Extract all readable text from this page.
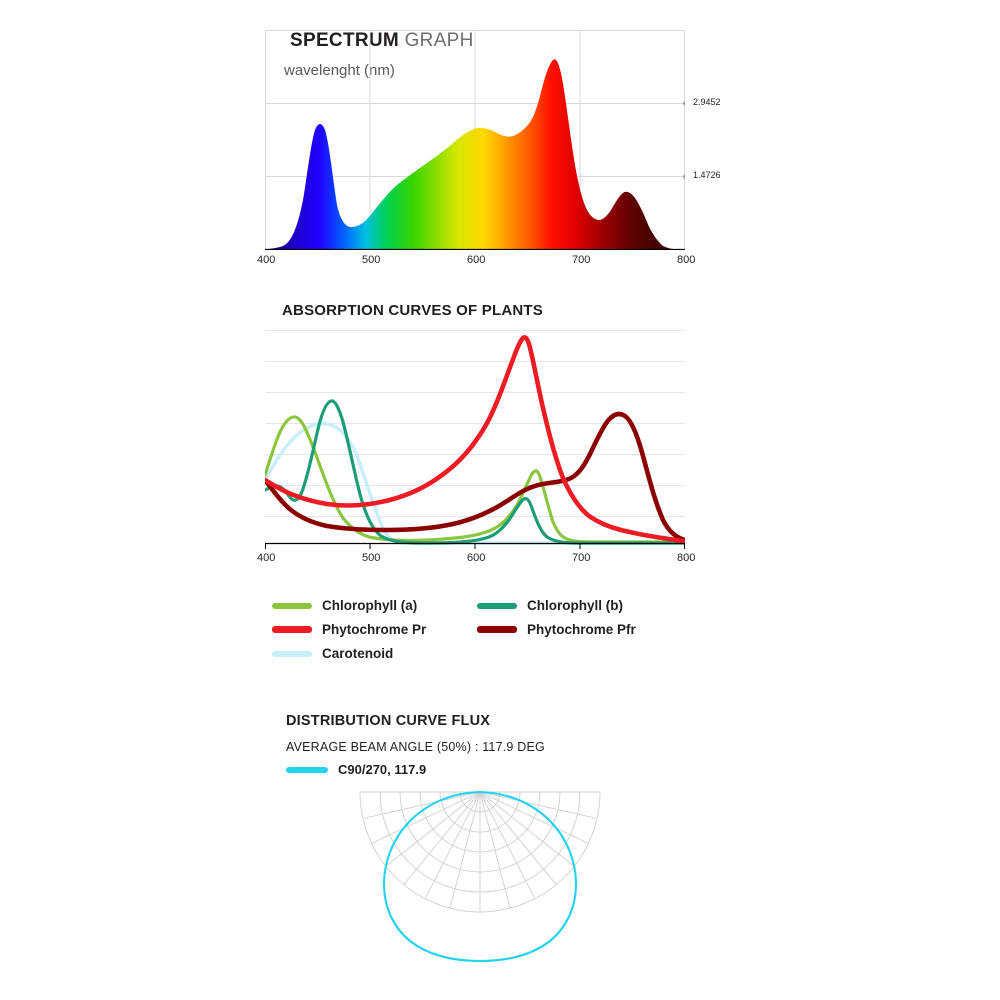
SPECTRUM GRAPH
wavelenght (nm)
2.9452
1.4726
400	500	600	700	800
ABSORPTION CURVES OF PLANTS
400	500	600	700	800
Chlorophyll (a)	Chlorophyll (b)
Phytochrome Pr	Phytochrome Pfr
Carotenoid
DISTRIBUTION CURVE FLUX
AVERAGE BEAM ANGLE (50%) : 117.9 DEG
C90/270, 117.9
